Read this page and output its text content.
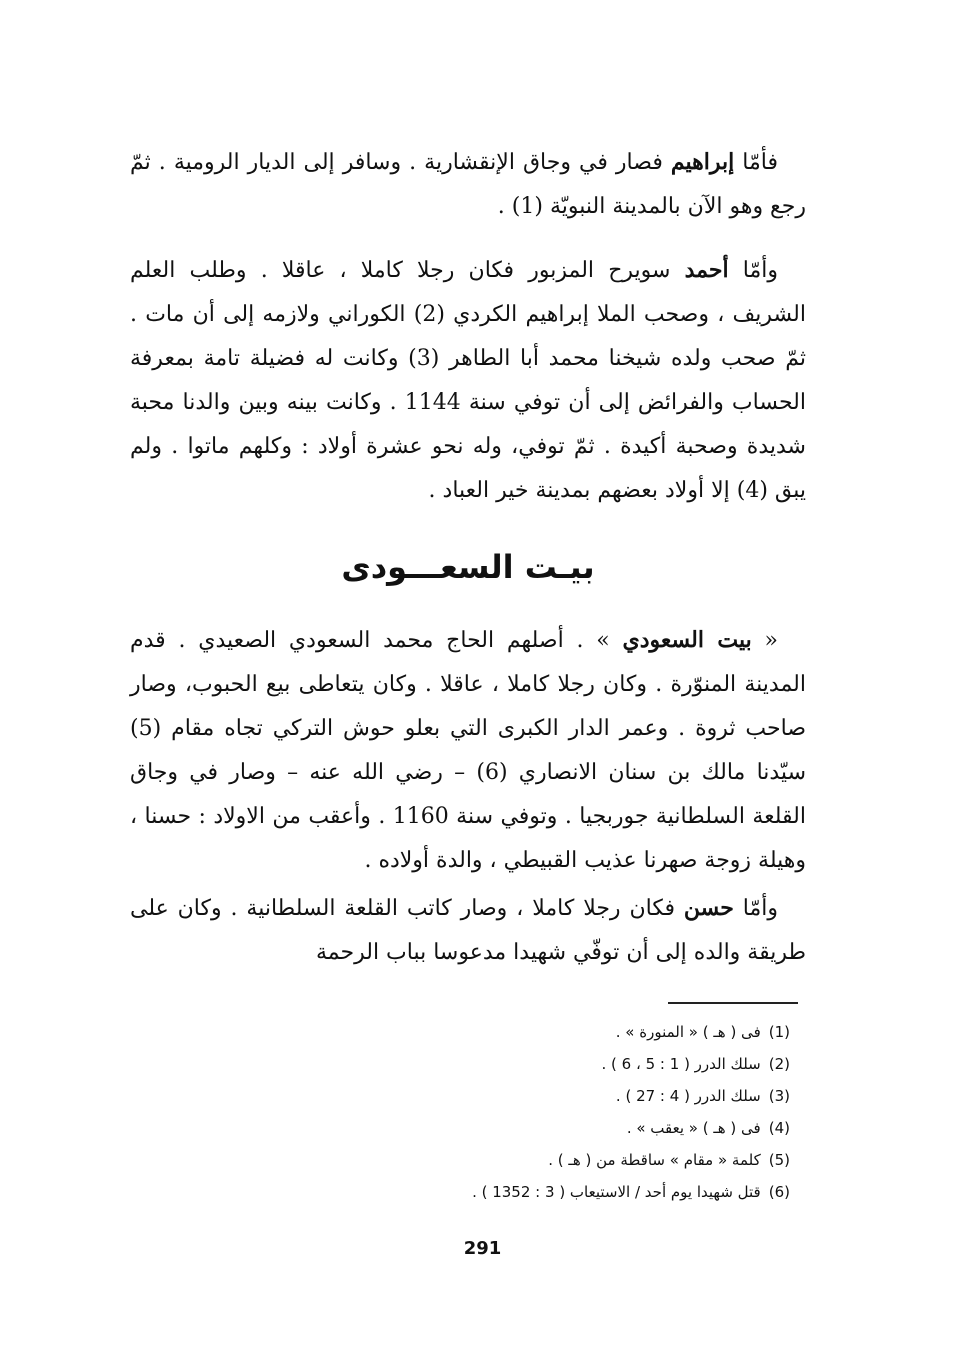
فأمّا إبراهيم فصار في وجاق الإنقشارية . وسافر إلى الديار الرومية . ثمّ رجع وهو الآن بالمدينة النبويّة (1) .

وأمّا أحمد سويرح المزبور فكان رجلا كاملا ، عاقلا . وطلب العلم الشريف ، وصحب الملا إبراهيم الكردي (2) الكوراني ولازمه إلى أن مات . ثمّ صحب ولده شيخنا محمد أبا الطاهر (3) وكانت له فضيلة تامة بمعرفة الحساب والفرائض إلى أن توفي سنة 1144 . وكانت بينه وبين والدنا محبة شديدة وصحبة أكيدة . ثمّ توفي، وله نحو عشرة أولاد : وكلهم ماتوا . ولم يبق (4) إلا أولاد بعضهم بمدينة خير العباد .

بيـت السعـــودى

« بيت السعودي » . أصلهم الحاج محمد السعودي الصعيدي . قدم المدينة المنوّرة . وكان رجلا كاملا ، عاقلا . وكان يتعاطى بيع الحبوب، وصار صاحب ثروة . وعمر الدار الكبرى التي بعلو حوش التركي تجاه مقام (5) سيّدنا مالك بن سنان الانصاري (6) – رضي الله عنه – وصار في وجاق القلعة السلطانية جوربجيا . وتوفي سنة 1160 . وأعقب من الاولاد : حسنا ، وهيلة زوجة صهرنا عذيب القبيطي ، والدة أولاده .

وأمّا حسن فكان رجلا كاملا ، وصار كاتب القلعة السلطانية . وكان على طريقة والده إلى أن توفّي شهيدا مدعوسا بباب الرحمة

(1)فى ( هـ ) « المنورة » .
(2)سلك الدرر ( 1 : 5 ، 6 ) .
(3)سلك الدرر ( 4 : 27 ) .
(4)فى ( هـ ) « يعقب » .
(5)كلمة « مقام » ساقطة من ( هـ ) .
(6)قتل شهيدا يوم أحد / الاستيعاب ( 3 : 1352 ) .
291
